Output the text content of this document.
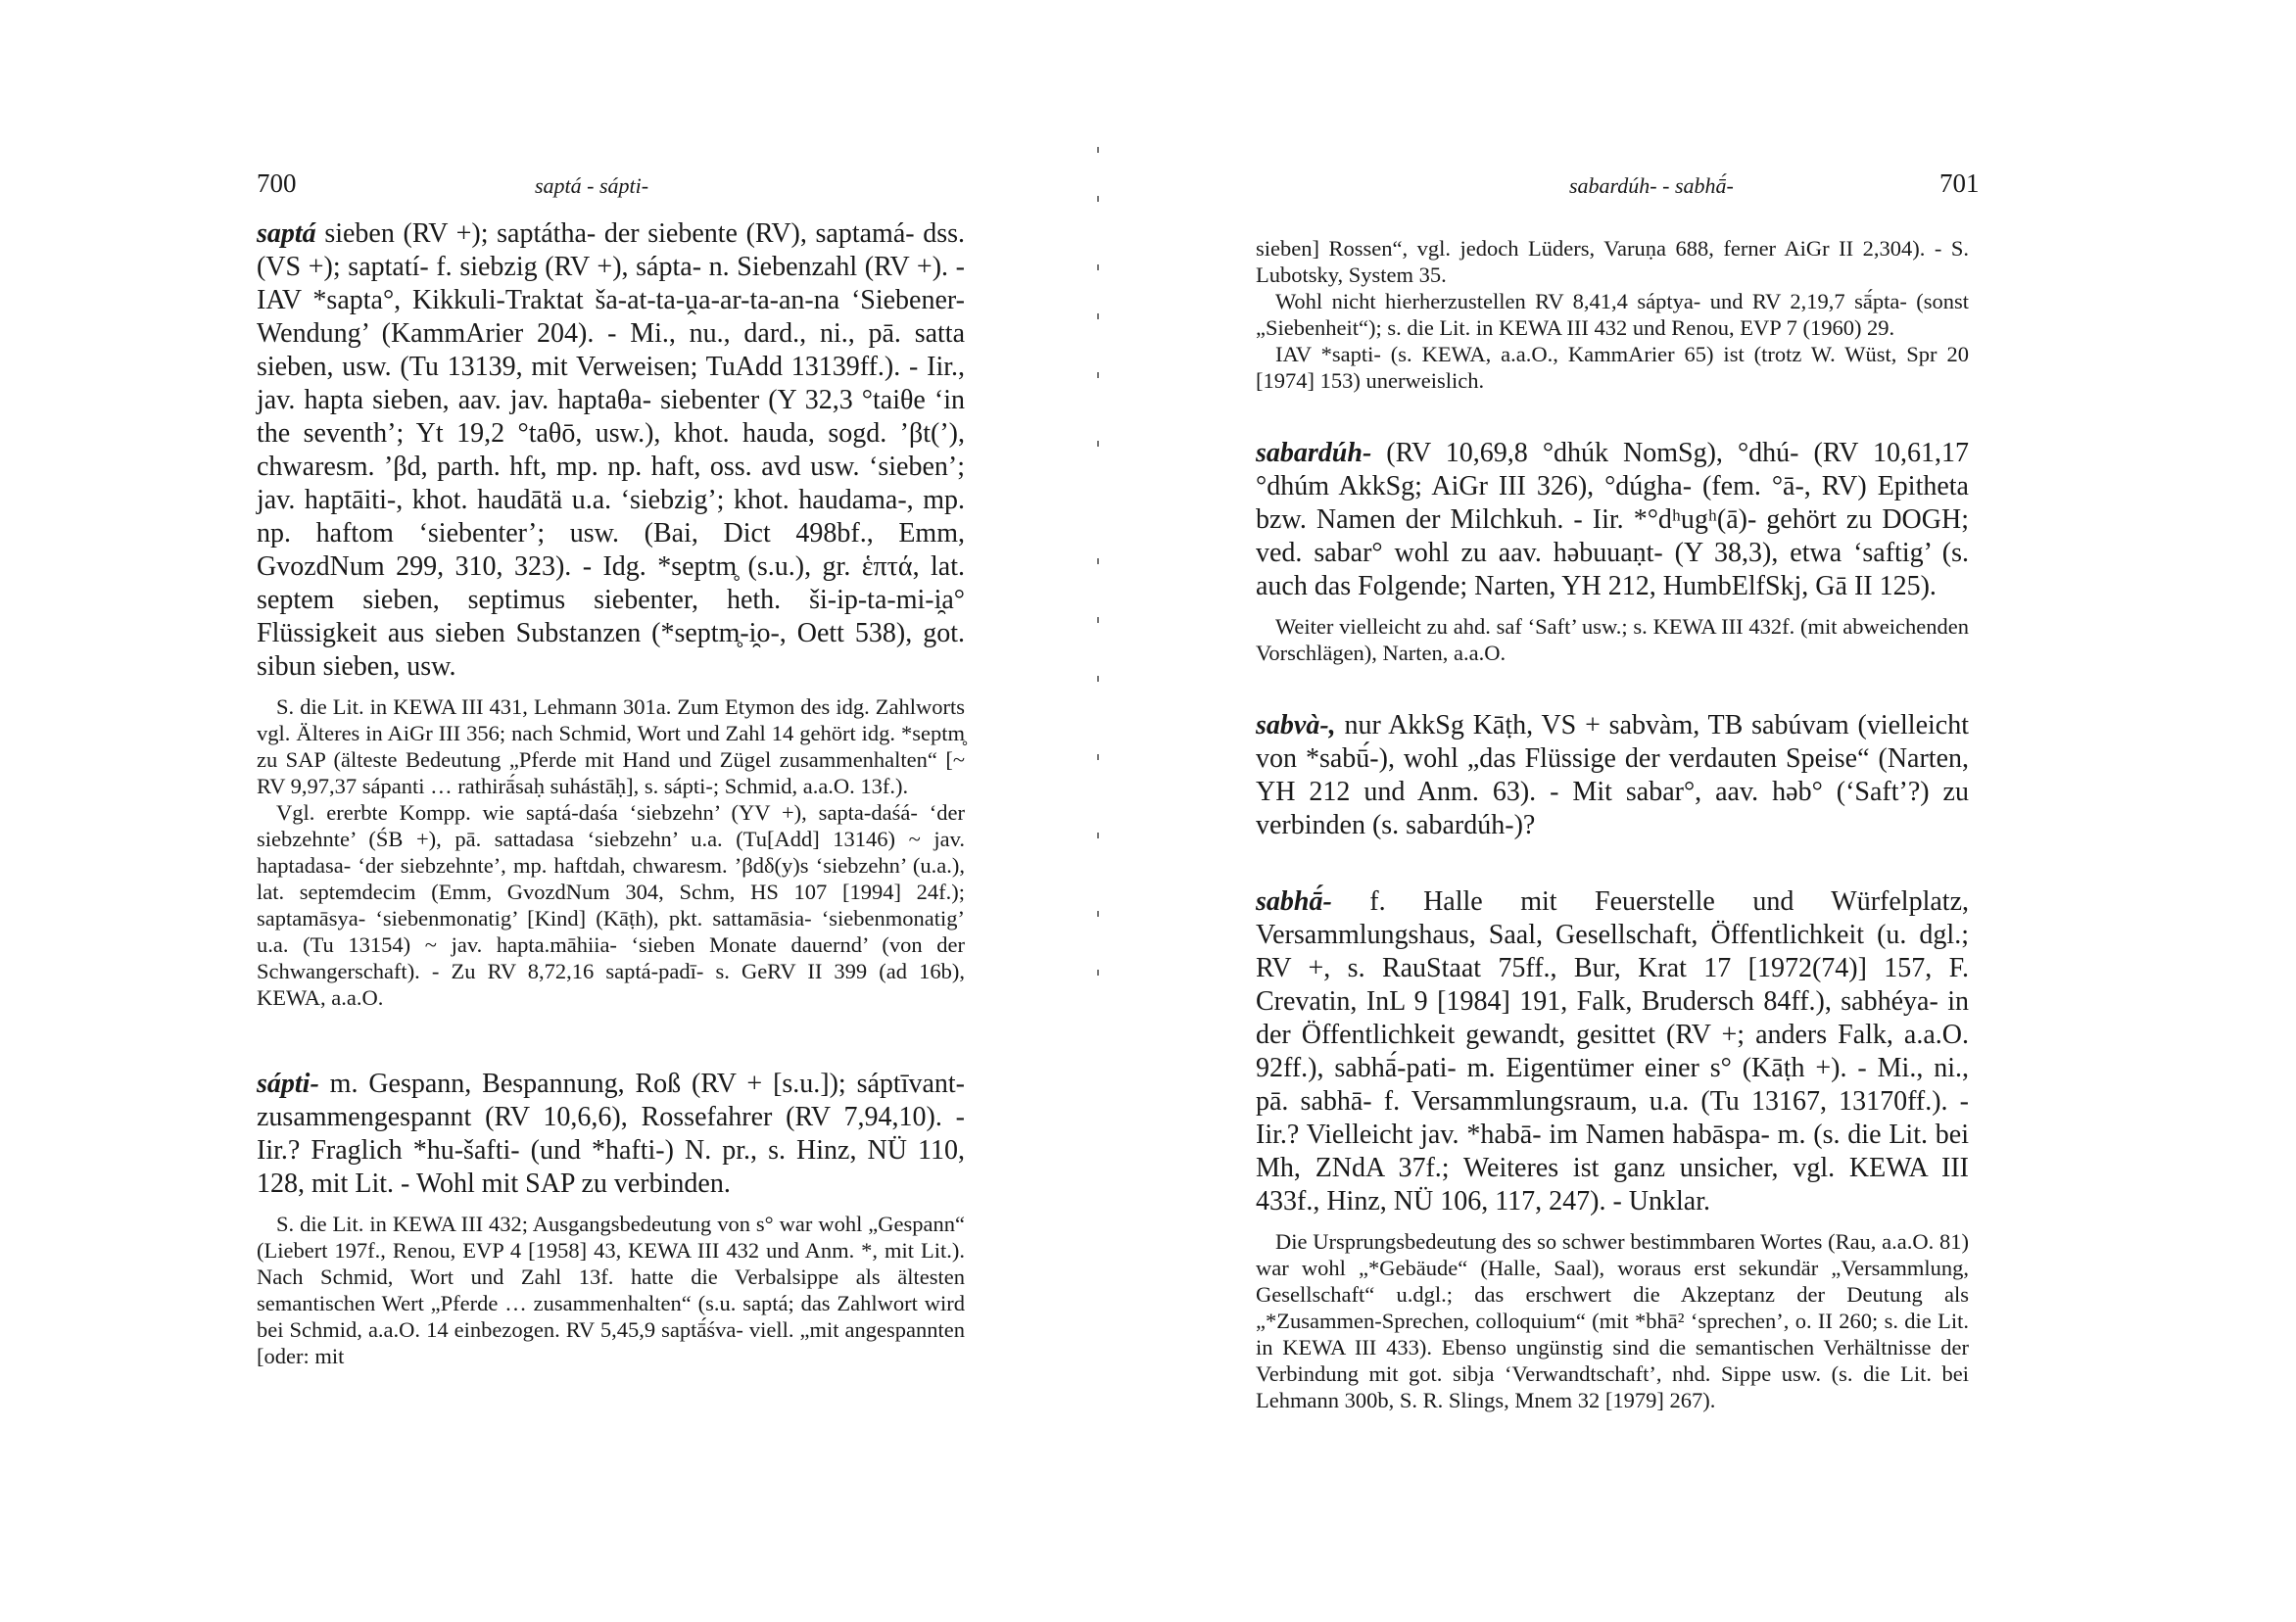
700	saptá - sápti-

saptá sieben (RV +); saptátha- der siebente (RV), saptamá- dss. (VS +); saptatí- f. siebzig (RV +), sápta- n. Siebenzahl (RV +). - IAV *sapta°, Kikkuli-Traktat ša-at-ta-ṷa-ar-ta-an-na ‘Siebener-Wendung’ (KammArier 204). - Mi., nu., dard., ni., pā. satta sieben, usw. (Tu 13139, mit Verweisen; TuAdd 13139ff.). - Iir., jav. hapta sieben, aav. jav. haptaθa- siebenter (Y 32,3 °taiθe ‘in the seventh’; Yt 19,2 °taθō, usw.), khot. hauda, sogd. ’βt(’), chwaresm. ’βd, parth. hft, mp. np. haft, oss. avd usw. ‘sieben’; jav. haptāiti-, khot. haudātä u.a. ‘siebzig’; khot. haudama-, mp. np. haftom ‘siebenter’; usw. (Bai, Dict 498bf., Emm, GvozdNum 299, 310, 323). - Idg. *septm̥ (s.u.), gr. ἑπτά, lat. septem sieben, septimus siebenter, heth. ši-ip-ta-mi-i̯a° Flüssigkeit aus sieben Substanzen (*septm̥-i̯o-, Oett 538), got. sibun sieben, usw.

S. die Lit. in KEWA III 431, Lehmann 301a. Zum Etymon des idg. Zahlworts vgl. Älteres in AiGr III 356; nach Schmid, Wort und Zahl 14 gehört idg. *septm̥ zu SAP (älteste Bedeutung „Pferde mit Hand und Zügel zusammenhalten“ [~ RV 9,97,37 sápanti … rathirā́saḥ suhástāḥ], s. sápti-; Schmid, a.a.O. 13f.).

Vgl. ererbte Kompp. wie saptá-daśa ‘siebzehn’ (YV +), sapta-daśá- ‘der siebzehnte’ (ŚB +), pā. sattadasa ‘siebzehn’ u.a. (Tu[Add] 13146) ~ jav. haptadasa- ‘der siebzehnte’, mp. haftdah, chwaresm. ’βdδ(y)s ‘siebzehn’ (u.a.), lat. septemdecim (Emm, GvozdNum 304, Schm, HS 107 [1994] 24f.); saptamāsya- ‘siebenmonatig’ [Kind] (Kāṭh), pkt. sattamāsia- ‘siebenmonatig’ u.a. (Tu 13154) ~ jav. hapta.māhiia- ‘sieben Monate dauernd’ (von der Schwangerschaft). - Zu RV 8,72,16 saptá-padī- s. GeRV II 399 (ad 16b), KEWA, a.a.O.

sápti- m. Gespann, Bespannung, Roß (RV + [s.u.]); sáptīvant- zusammengespannt (RV 10,6,6), Rossefahrer (RV 7,94,10). - Iir.? Fraglich *hu-šafti- (und *hafti-) N. pr., s. Hinz, NÜ 110, 128, mit Lit. - Wohl mit SAP zu verbinden.

S. die Lit. in KEWA III 432; Ausgangsbedeutung von s° war wohl „Gespann“ (Liebert 197f., Renou, EVP 4 [1958] 43, KEWA III 432 und Anm. *, mit Lit.). Nach Schmid, Wort und Zahl 13f. hatte die Verbalsippe als ältesten semantischen Wert „Pferde … zusammenhalten“ (s.u. saptá; das Zahlwort wird bei Schmid, a.a.O. 14 einbezogen. RV 5,45,9 saptā́śva- viell. „mit angespannten [oder: mit

sabardúh- - sabhā́-	701

sieben] Rossen“, vgl. jedoch Lüders, Varuṇa 688, ferner AiGr II 2,304). - S. Lubotsky, System 35.

Wohl nicht hierherzustellen RV 8,41,4 sáptya- und RV 2,19,7 sā́pta- (sonst „Siebenheit“); s. die Lit. in KEWA III 432 und Renou, EVP 7 (1960) 29.

IAV *sapti- (s. KEWA, a.a.O., KammArier 65) ist (trotz W. Wüst, Spr 20 [1974] 153) unerweislich.

sabardúh- (RV 10,69,8 °dhúk NomSg), °dhú- (RV 10,61,17 °dhúm AkkSg; AiGr III 326), °dúgha- (fem. °ā-, RV) Epitheta bzw. Namen der Milchkuh. - Iir. *°dʰugʰ(ā)- gehört zu DOGH; ved. sabar° wohl zu aav. hǝbuuaṇt- (Y 38,3), etwa ‘saftig’ (s. auch das Folgende; Narten, YH 212, HumbElfSkj, Gā II 125).

Weiter vielleicht zu ahd. saf ‘Saft’ usw.; s. KEWA III 432f. (mit abweichenden Vorschlägen), Narten, a.a.O.

sabvà-, nur AkkSg Kāṭh, VS + sabvàm, TB sabúvam (vielleicht von *sabū́-), wohl „das Flüssige der verdauten Speise“ (Narten, YH 212 und Anm. 63). - Mit sabar°, aav. hǝb° (‘Saft’?) zu verbinden (s. sabardúh-)?

sabhā́- f. Halle mit Feuerstelle und Würfelplatz, Versammlungshaus, Saal, Gesellschaft, Öffentlichkeit (u. dgl.; RV +, s. RauStaat 75ff., Bur, Krat 17 [1972(74)] 157, F. Crevatin, InL 9 [1984] 191, Falk, Brudersch 84ff.), sabhéya- in der Öffentlichkeit gewandt, gesittet (RV +; anders Falk, a.a.O. 92ff.), sabhā́-pati- m. Eigentümer einer s° (Kāṭh +). - Mi., ni., pā. sabhā- f. Versammlungsraum, u.a. (Tu 13167, 13170ff.). - Iir.? Vielleicht jav. *habā- im Namen habāspa- m. (s. die Lit. bei Mh, ZNdA 37f.; Weiteres ist ganz unsicher, vgl. KEWA III 433f., Hinz, NÜ 106, 117, 247). - Unklar.

Die Ursprungsbedeutung des so schwer bestimmbaren Wortes (Rau, a.a.O. 81) war wohl „*Gebäude“ (Halle, Saal), woraus erst sekundär „Versammlung, Gesellschaft“ u.dgl.; das erschwert die Akzeptanz der Deutung als „*Zusammen-Sprechen, colloquium“ (mit *bhā² ‘sprechen’, o. II 260; s. die Lit. in KEWA III 433). Ebenso ungünstig sind die semantischen Verhältnisse der Verbindung mit got. sibja ‘Verwandtschaft’, nhd. Sippe usw. (s. die Lit. bei Lehmann 300b, S. R. Slings, Mnem 32 [1979] 267).
